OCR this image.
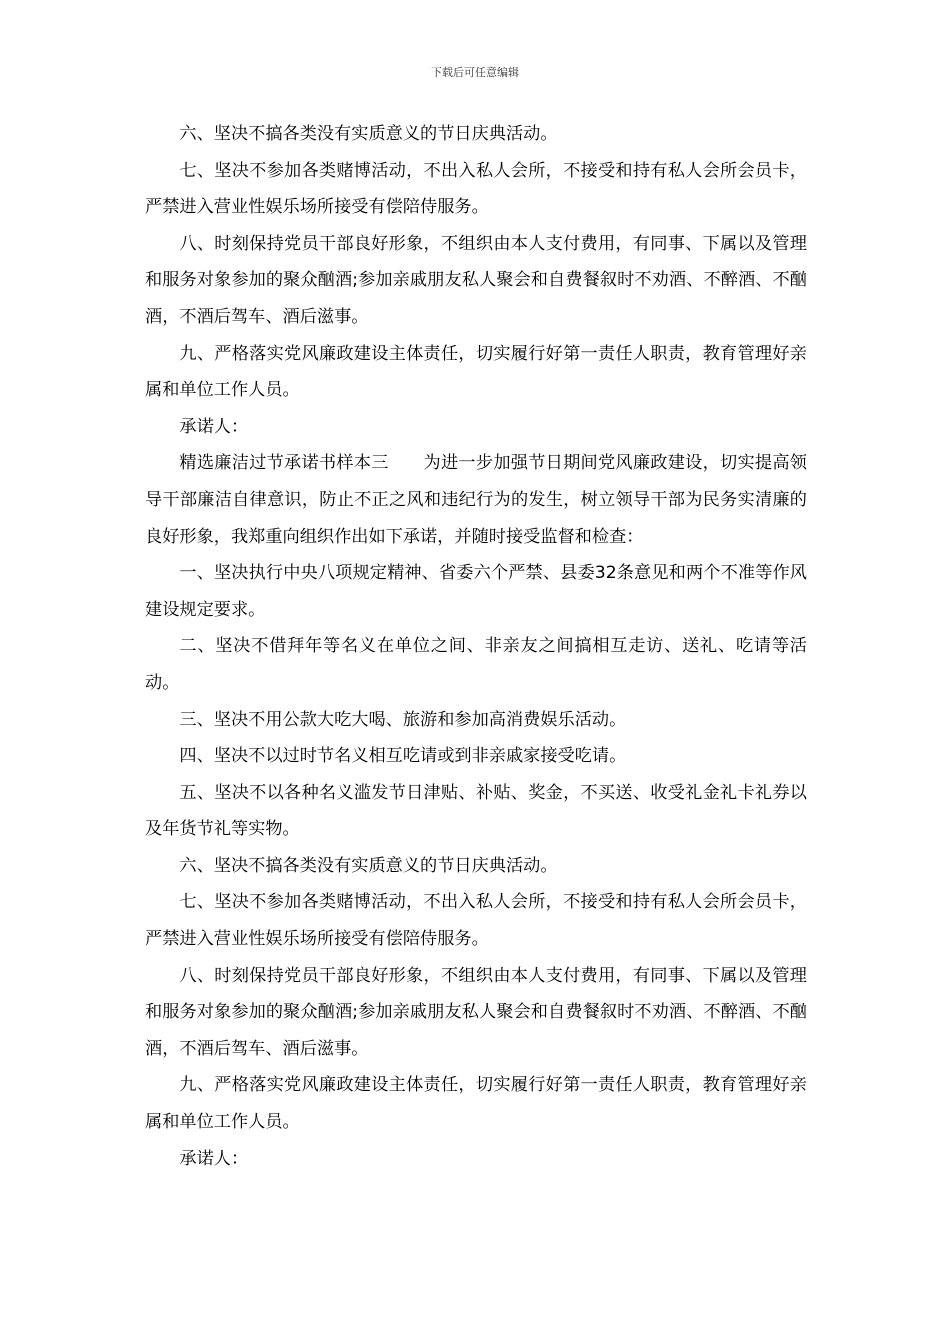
下载后可任意编辑

六、坚决不搞各类没有实质意义的节日庆典活动。

七、坚决不参加各类赌博活动，不出入私人会所，不接受和持有私人会所会员卡，严禁进入营业性娱乐场所接受有偿陪侍服务。

八、时刻保持党员干部良好形象，不组织由本人支付费用，有同事、下属以及管理和服务对象参加的聚众酗酒;参加亲戚朋友私人聚会和自费餐叙时不劝酒、不醉酒、不酗酒，不酒后驾车、酒后滋事。

九、严格落实党风廉政建设主体责任，切实履行好第一责任人职责，教育管理好亲属和单位工作人员。

承诺人：

精选廉洁过节承诺书样本三　　为进一步加强节日期间党风廉政建设，切实提高领导干部廉洁自律意识，防止不正之风和违纪行为的发生，树立领导干部为民务实清廉的良好形象，我郑重向组织作出如下承诺，并随时接受监督和检查：

一、坚决执行中央八项规定精神、省委六个严禁、县委32条意见和两个不准等作风建设规定要求。

二、坚决不借拜年等名义在单位之间、非亲友之间搞相互走访、送礼、吃请等活动。

三、坚决不用公款大吃大喝、旅游和参加高消费娱乐活动。

四、坚决不以过时节名义相互吃请或到非亲戚家接受吃请。

五、坚决不以各种名义滥发节日津贴、补贴、奖金，不买送、收受礼金礼卡礼券以及年货节礼等实物。

六、坚决不搞各类没有实质意义的节日庆典活动。

七、坚决不参加各类赌博活动，不出入私人会所，不接受和持有私人会所会员卡，严禁进入营业性娱乐场所接受有偿陪侍服务。

八、时刻保持党员干部良好形象，不组织由本人支付费用，有同事、下属以及管理和服务对象参加的聚众酗酒;参加亲戚朋友私人聚会和自费餐叙时不劝酒、不醉酒、不酗酒，不酒后驾车、酒后滋事。

九、严格落实党风廉政建设主体责任，切实履行好第一责任人职责，教育管理好亲属和单位工作人员。

承诺人：
